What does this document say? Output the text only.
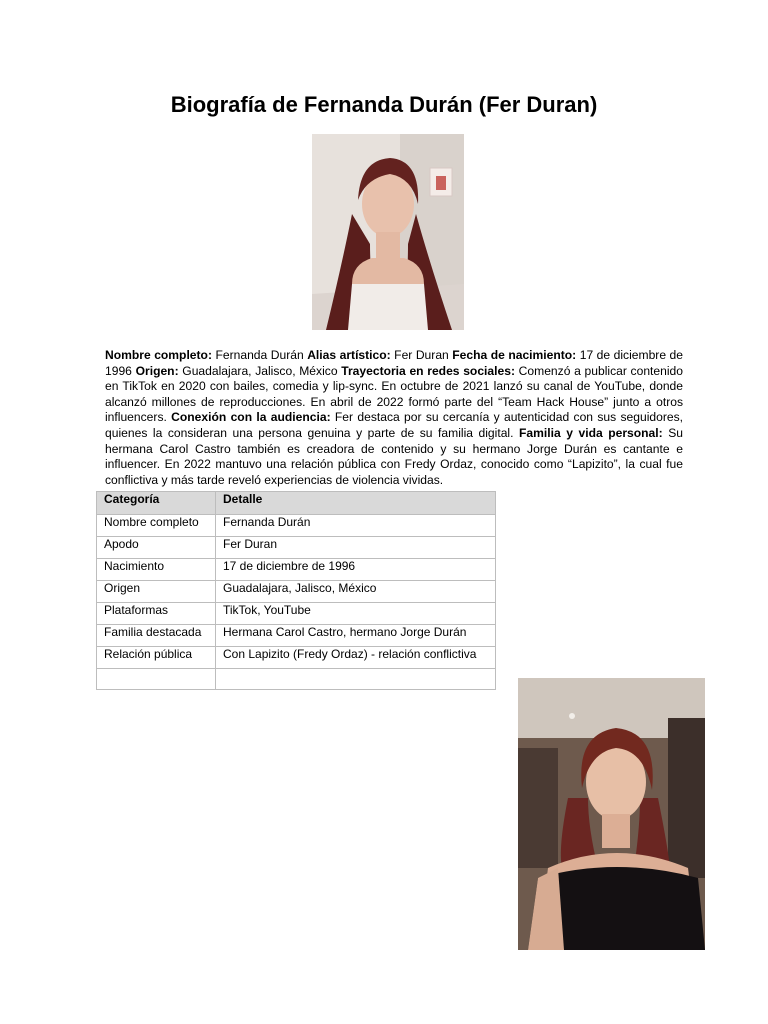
Biografía de Fernanda Durán (Fer Duran)

Nombre completo: Fernanda Durán Alias artístico: Fer Duran Fecha de nacimiento: 17 de diciembre de 1996 Origen: Guadalajara, Jalisco, México Trayectoria en redes sociales: Comenzó a publicar contenido en TikTok en 2020 con bailes, comedia y lip-sync. En octubre de 2021 lanzó su canal de YouTube, donde alcanzó millones de reproducciones. En abril de 2022 formó parte del “Team Hack House” junto a otros influencers. Conexión con la audiencia: Fer destaca por su cercanía y autenticidad con sus seguidores, quienes la consideran una persona genuina y parte de su familia digital. Familia y vida personal: Su hermana Carol Castro también es creadora de contenido y su hermano Jorge Durán es cantante e influencer. En 2022 mantuvo una relación pública con Fredy Ordaz, conocido como “Lapizito”, la cual fue conflictiva y más tarde reveló experiencias de violencia vividas.

Categoría	Detalle
Nombre completo	Fernanda Durán
Apodo	Fer Duran
Nacimiento	17 de diciembre de 1996
Origen	Guadalajara, Jalisco, México
Plataformas	TikTok, YouTube
Familia destacada	Hermana Carol Castro, hermano Jorge Durán
Relación pública	Con Lapizito (Fredy Ordaz) - relación conflictiva
